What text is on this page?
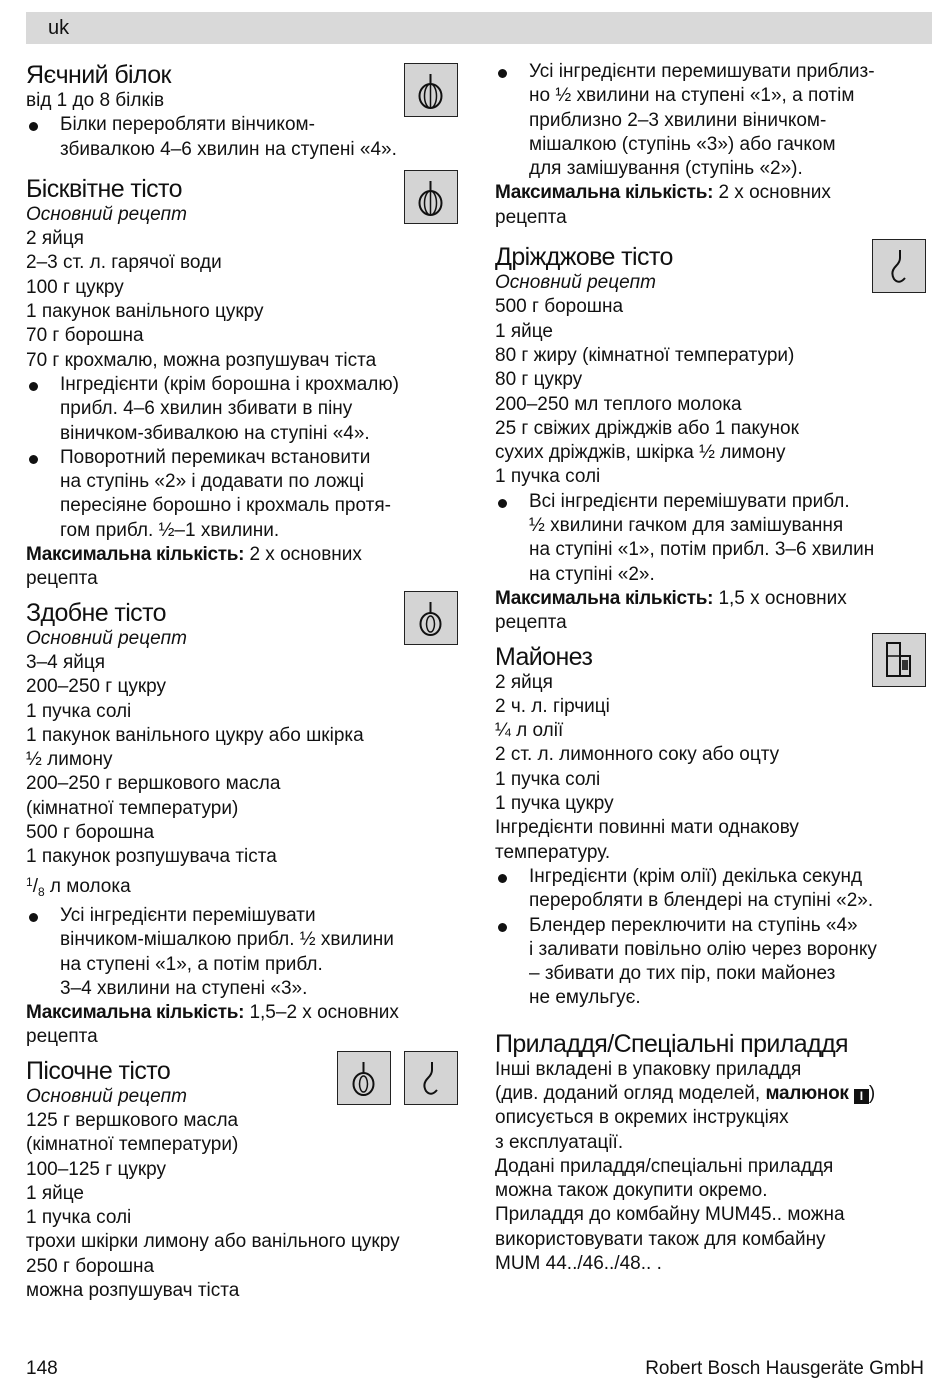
uk
Яєчний білок
від 1 до 8 білків
Білки переробляти вінчиком-
збивалкою 4–6 хвилин на ступені «4».
Бісквітне тісто
Основний рецепт
2 яйця
2–3 ст. л. гарячої води
100 г цукру
1 пакунок ванільного цукру
70 г борошна
70 г крохмалю, можна розпушувач тіста
Інгредієнти (крім борошна і крохмалю)
прибл. 4–6 хвилин збивати в піну
віничком-збивалкою на ступіні «4».
Поворотний перемикач встановити
на ступінь «2» і додавати по ложці
пересіяне борошно і крохмаль протя-
гом прибл. ½–1 хвилини.
Максимальна кількість: 2 х основних
рецепта
Здобне тісто
Основний рецепт
3–4 яйця
200–250 г цукру
1 пучка солі
1 пакунок ванільного цукру або шкірка
½ лимону
200–250 г вершкового масла
(кімнатної температури)
500 г борошна
1 пакунок розпушувача тіста
$^1/_8$ л молока
Усі інгредієнти перемішувати
вінчиком-мішалкою прибл. ½ хвилини
на ступені «1», а потім прибл.
3–4 хвилини на ступені «3».
Максимальна кількість: 1,5–2 х основних
рецепта
Пісочне тісто
Основний рецепт
125 г вершкового масла
(кімнатної температури)
100–125 г цукру
1 яйце
1 пучка солі
трохи шкірки лимону або ванільного цукру
250 г борошна
можна розпушувач тіста
Усі інгредієнти перемишувати приблиз-
но ½ хвилини на ступені «1», а потім
приблизно 2–3 хвилини віничком-
мішалкою (ступінь «3») або гачком
для замішування (ступінь «2»).
Максимальна кількість: 2 х основних
рецепта
Дріжджове тісто
Основний рецепт
500 г борошна
1 яйце
80 г жиру (кімнатної температури)
80 г цукру
200–250 мл теплого молока
25 г свіжих дріжджів або 1 пакунок
сухих дріжджів, шкірка ½ лимону
1 пучка солі
Всі інгредієнти перемішувати прибл.
½ хвилини гачком для замішування
на ступіні «1», потім прибл. 3–6 хвилин
на ступіні «2».
Максимальна кількість: 1,5 х основних
рецепта
Майонез
2 яйця
2 ч. л. гірчиці
¼ л олії
2 ст. л. лимонного соку або оцту
1 пучка солі
1 пучка цукру
Інгредієнти повинні мати однакову
температуру.
Інгредієнти (крім олії) декілька секунд
переробляти в блендері на ступіні «2».
Блендер переключити на ступінь «4»
і заливати повільно олію через воронку
– збивати до тих пір, поки майонез
не емульгує.
Приладдя/Спеціальні приладдя
Інші вкладені в упаковку приладдя
(див. доданий огляд моделей, малюнок I )
описується в окремих інструкціях
з експлуатації.
Додані приладдя/спеціальні приладдя
можна також докупити окремо.
Приладдя до комбайну MUM45.. можна
використовувати також для комбайну
MUM 44../46../48.. .
148	Robert Bosch Hausgeräte GmbH
